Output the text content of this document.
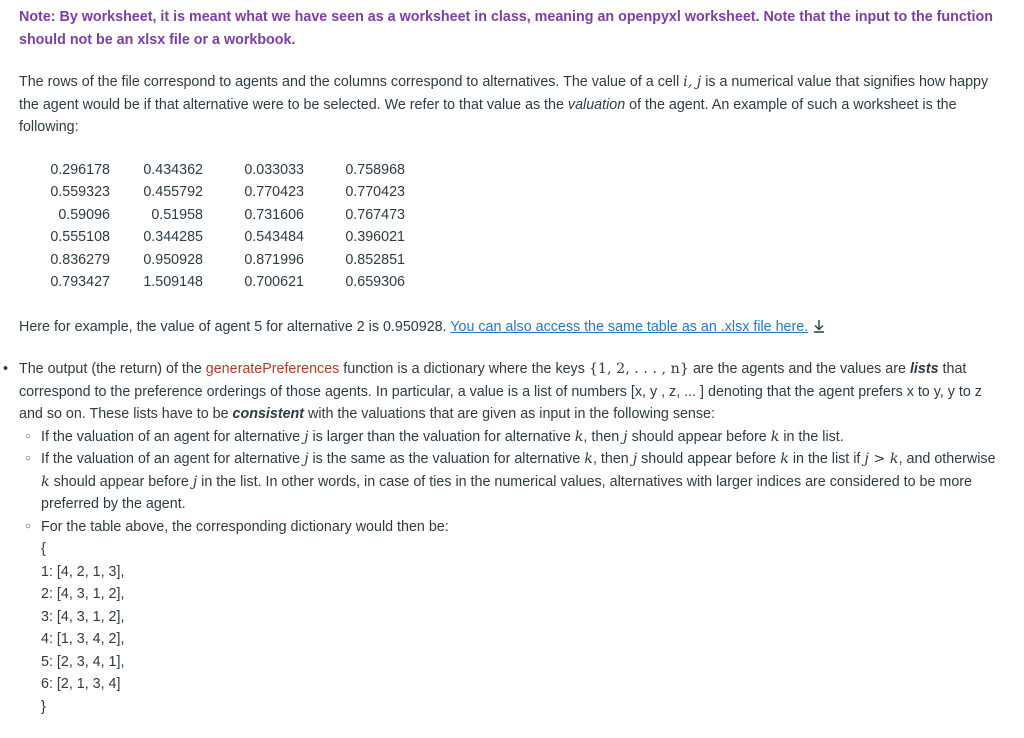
Note: By worksheet, it is meant what we have seen as a worksheet in class, meaning an openpyxl worksheet. Note that the input to the function should not be an xlsx file or a workbook.

The rows of the file correspond to agents and the columns correspond to alternatives. The value of a cell i, j is a numerical value that signifies how happy the agent would be if that alternative were to be selected. We refer to that value as the valuation of the agent. An example of such a worksheet is the following:

0.296178	0.434362	0.033033	0.758968
0.559323	0.455792	0.770423	0.770423
0.59096	0.51958	0.731606	0.767473
0.555108	0.344285	0.543484	0.396021
0.836279	0.950928	0.871996	0.852851
0.793427	1.509148	0.700621	0.659306

Here for example, the value of agent 5 for alternative 2 is 0.950928. You can also access the same table as an .xlsx file here.

• The output (the return) of the generatePreferences function is a dictionary where the keys {1, 2, . . . , n} are the agents and the values are lists that correspond to the preference orderings of those agents. In particular, a value is a list of numbers [x, y , z, ... ] denoting that the agent prefers x to y, y to z and so on. These lists have to be consistent with the valuations that are given as input in the following sense:
○ If the valuation of an agent for alternative j is larger than the valuation for alternative k, then j should appear before k in the list.
○ If the valuation of an agent for alternative j is the same as the valuation for alternative k, then j should appear before k in the list if j > k, and otherwise k should appear before j in the list. In other words, in case of ties in the numerical values, alternatives with larger indices are considered to be more preferred by the agent.
○ For the table above, the corresponding dictionary would then be:
{
1: [4, 2, 1, 3],
2: [4, 3, 1, 2],
3: [4, 3, 1, 2],
4: [1, 3, 4, 2],
5: [2, 3, 4, 1],
6: [2, 1, 3, 4]
}
